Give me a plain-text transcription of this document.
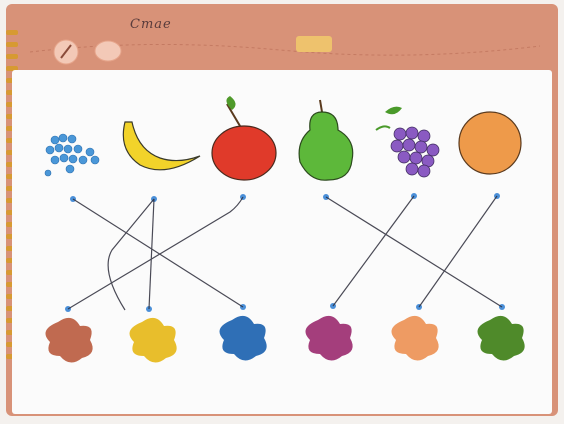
Cmae
